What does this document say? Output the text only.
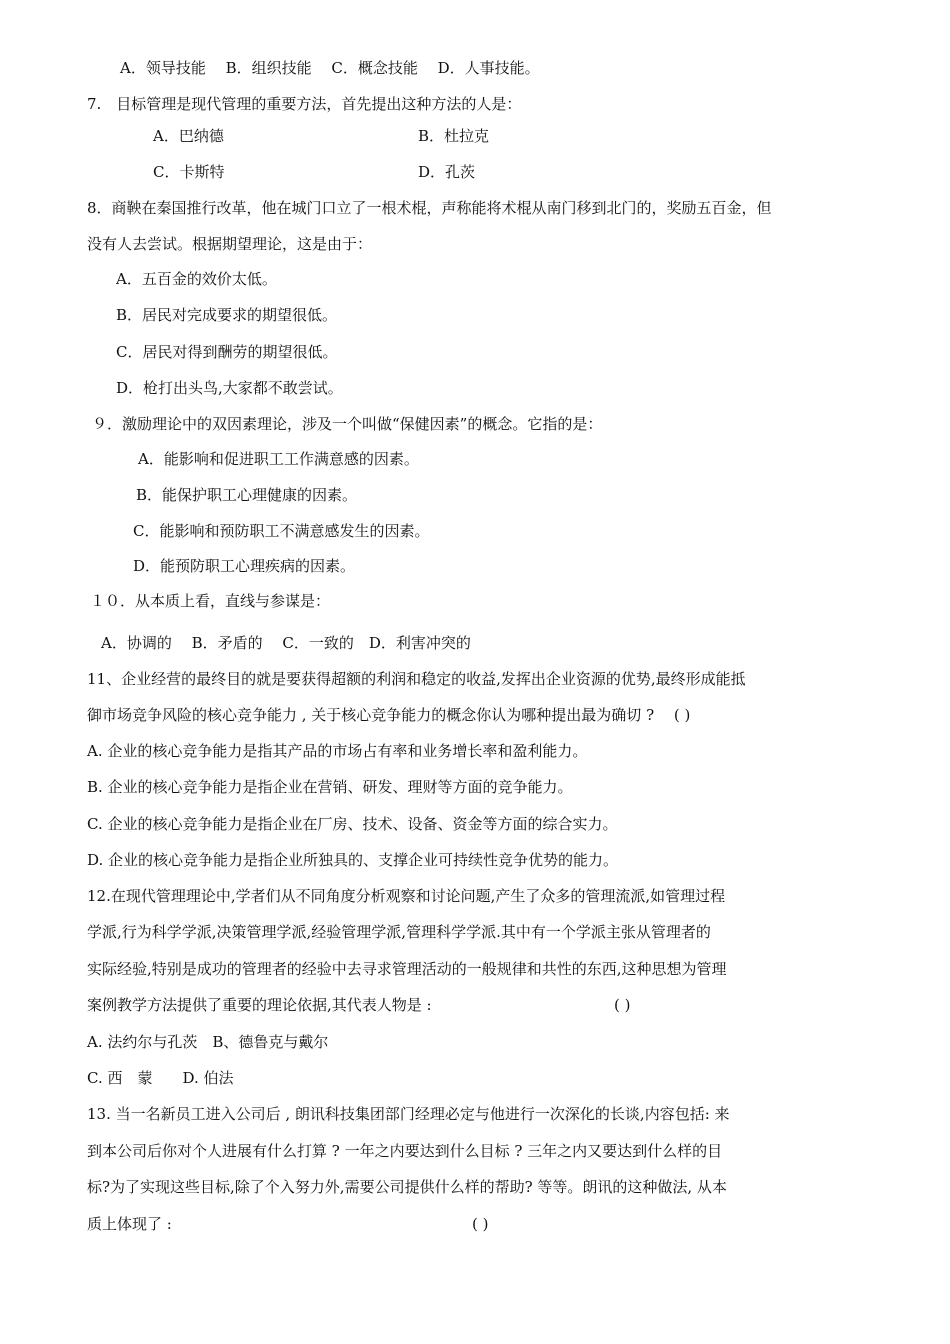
A．领导技能　 B．组织技能　 C．概念技能　 D．人事技能。
7.　目标管理是现代管理的重要方法，首先提出这种方法的人是：
A．巴纳德	B．杜拉克
C．卡斯特	D．孔茨
8．商鞅在秦国推行改革，他在城门口立了一根术棍，声称能将术棍从南门移到北门的，奖励五百金，但
没有人去尝试。根据期望理论，这是由于：
A．五百金的效价太低。
B．居民对完成要求的期望很低。
C．居民对得到酬劳的期望很低。
D．枪打出头鸟,大家都不敢尝试。
９．激励理论中的双因素理论，涉及一个叫做“保健因素”的概念。它指的是：
A．能影响和促进职工工作满意感的因素。
B．能保护职工心理健康的因素。
C．能影响和预防职工不满意感发生的因素。
D．能预防职工心理疾病的因素。
１０．从本质上看，直线与参谋是：
A．协调的　 B．矛盾的　 C．一致的　D．利害冲突的
11、企业经营的最终目的就是要获得超额的利润和稳定的收益,发挥出企业资源的优势,最终形成能抵
御市场竞争风险的核心竞争能力 , 关于核心竞争能力的概念你认为哪种提出最为确切 ?　 ( )
A. 企业的核心竞争能力是指其产品的市场占有率和业务增长率和盈利能力。
B. 企业的核心竞争能力是指企业在营销、研发、理财等方面的竞争能力。
C. 企业的核心竞争能力是指企业在厂房、技术、设备、资金等方面的综合实力。
D. 企业的核心竞争能力是指企业所独具的、支撑企业可持续性竞争优势的能力。
12.在现代管理理论中,学者们从不同角度分析观察和讨论问题,产生了众多的管理流派,如管理过程
学派,行为科学学派,决策管理学派,经验管理学派,管理科学学派.其中有一个学派主张从管理者的
实际经验,特别是成功的管理者的经验中去寻求管理活动的一般规律和共性的东西,这种思想为管理
案例教学方法提供了重要的理论依据,其代表人物是 :	( )
A. 法约尔与孔茨　B、德鲁克与戴尔
C. 西　蒙　　D. 伯法
13. 当一名新员工进入公司后 , 朗讯科技集团部门经理必定与他进行一次深化的长谈,内容包括: 来
到本公司后你对个人进展有什么打算 ? 一年之内要达到什么目标 ? 三年之内又要达到什么样的目
标?为了实现这些目标,除了个入努力外,需要公司提供什么样的帮助? 等等。朗讯的这种做法, 从本
质上体现了 :	( )
